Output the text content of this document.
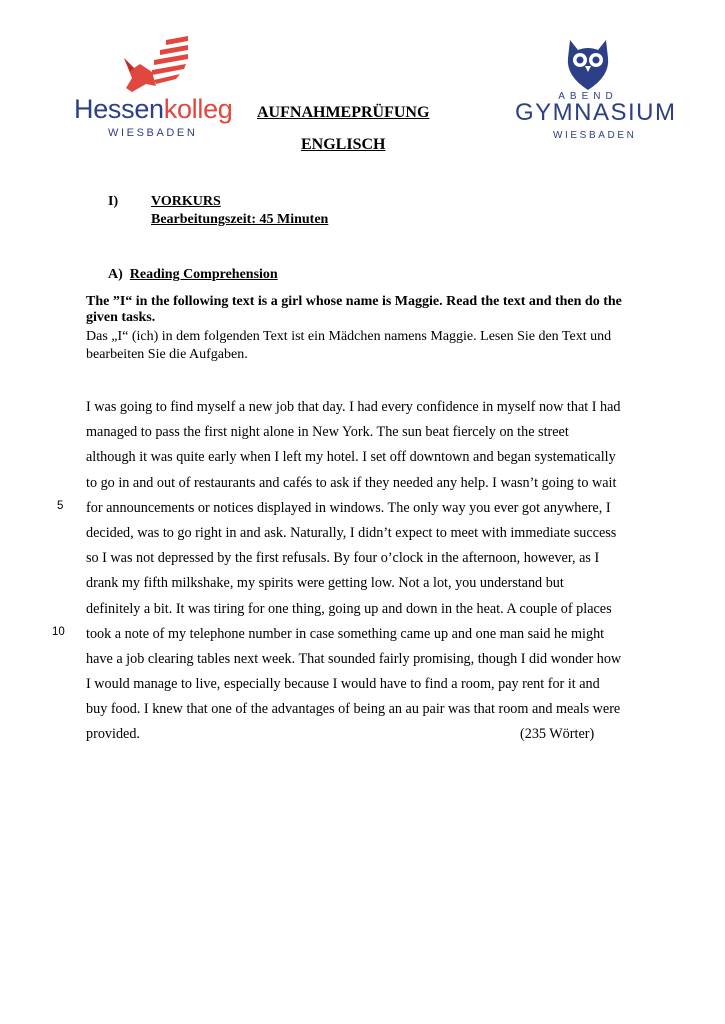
Hessenkolleg
WIESBADEN
ABEND
GYMNASIUM
WIESBADEN
AUFNAHMEPRÜFUNG
ENGLISCH
I) VORKURS
Bearbeitungszeit: 45 Minuten
A) Reading Comprehension
The ”I“ in the following text is a girl whose name is Maggie. Read the text and then do the given tasks.
Das „I“ (ich) in dem folgenden Text ist ein Mädchen namens Maggie. Lesen Sie den Text und bearbeiten Sie die Aufgaben.
5
10
I was going to find myself a new job that day. I had every confidence in myself now that I had
managed to pass the first night alone in New York. The sun beat fiercely on the street
although it was quite early when I left my hotel. I set off downtown and began systematically
to go in and out of restaurants and cafés to ask if they needed any help. I wasn’t going to wait
for announcements or notices displayed in windows. The only way you ever got anywhere, I
decided, was to go right in and ask. Naturally, I didn’t expect to meet with immediate success
so I was not depressed by the first refusals. By four o’clock in the afternoon, however, as I
drank my fifth milkshake, my spirits were getting low. Not a lot, you understand but
definitely a bit. It was tiring for one thing, going up and down in the heat. A couple of places
took a note of my telephone number in case something came up and one man said he might
have a job clearing tables next week. That sounded fairly promising, though I did wonder how
I would manage to live, especially because I would have to find a room, pay rent for it and
buy food. I knew that one of the advantages of being an au pair was that room and meals were
provided.	(235 Wörter)
